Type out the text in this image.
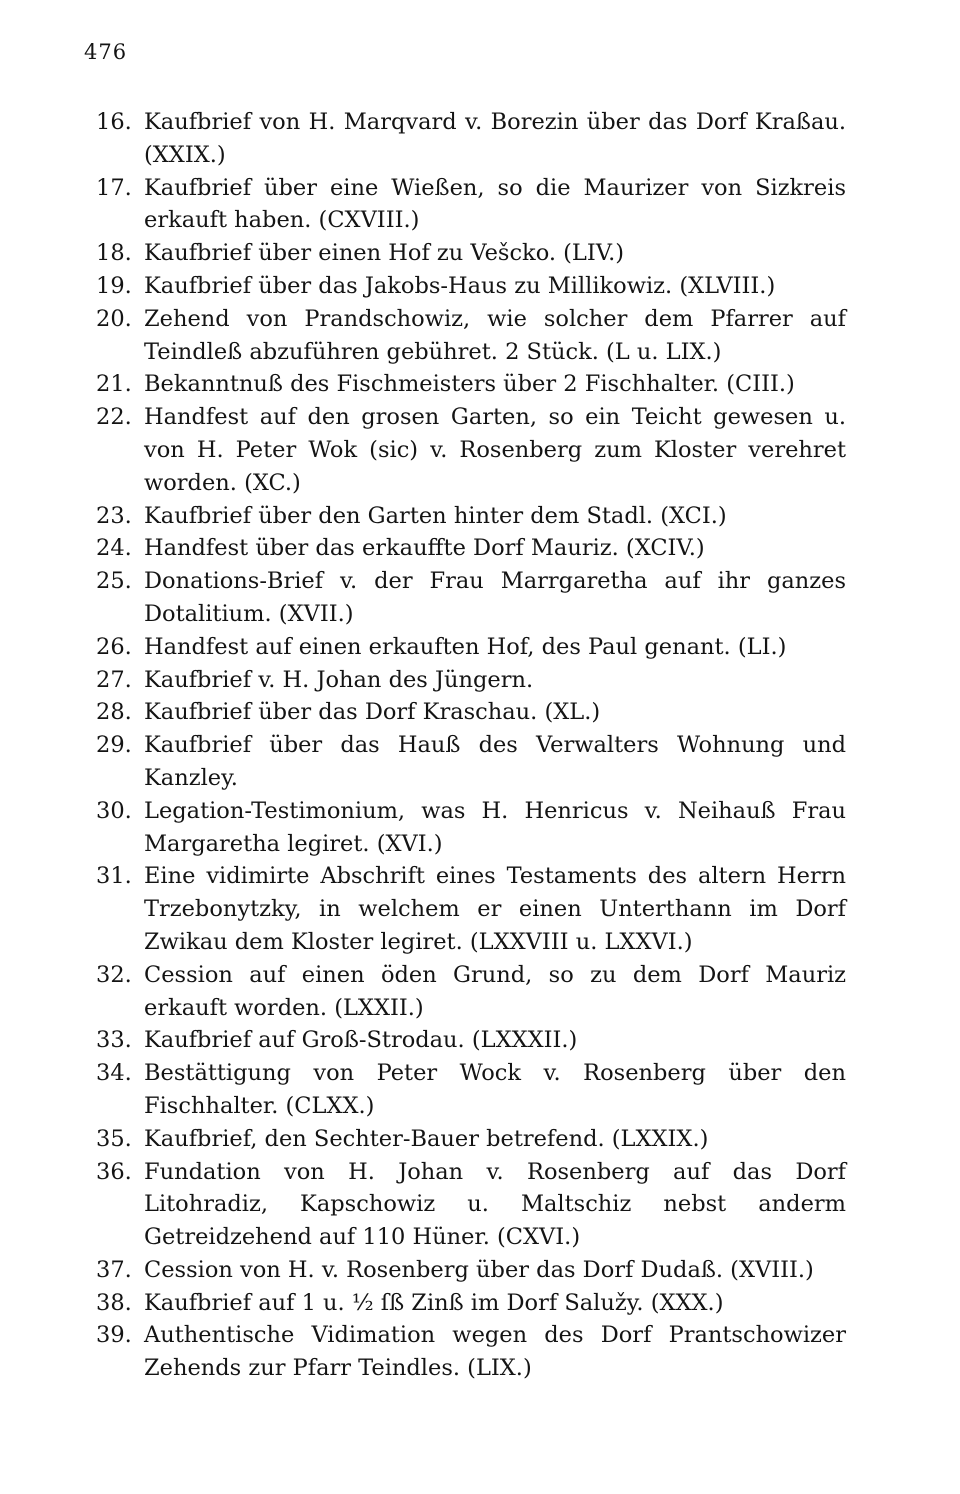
476
16. Kaufbrief von H. Marqvard v. Borezin über das Dorf Kraßau. (XXIX.)
17. Kaufbrief über eine Wießen, so die Maurizer von Sizkreis erkauft haben. (CXVIII.)
18. Kaufbrief über einen Hof zu Vešcko. (LIV.)
19. Kaufbrief über das Jakobs-Haus zu Millikowiz. (XLVIII.)
20. Zehend von Prandschowiz, wie solcher dem Pfarrer auf Teindleß abzuführen gebühret. 2 Stück. (L u. LIX.)
21. Bekanntnuß des Fischmeisters über 2 Fischhalter. (CIII.)
22. Handfest auf den grosen Garten, so ein Teicht gewesen u. von H. Peter Wok (sic) v. Rosenberg zum Kloster verehret worden. (XC.)
23. Kaufbrief über den Garten hinter dem Stadl. (XCI.)
24. Handfest über das erkauffte Dorf Mauriz. (XCIV.)
25. Donations-Brief v. der Frau Marrgaretha auf ihr ganzes Dotalitium. (XVII.)
26. Handfest auf einen erkauften Hof, des Paul genant. (LI.)
27. Kaufbrief v. H. Johan des Jüngern.
28. Kaufbrief über das Dorf Kraschau. (XL.)
29. Kaufbrief über das Hauß des Verwalters Wohnung und Kanzley.
30. Legation-Testimonium, was H. Henricus v. Neihauß Frau Margaretha legiret. (XVI.)
31. Eine vidimirte Abschrift eines Testaments des altern Herrn Trzebonytzky, in welchem er einen Unterthann im Dorf Zwikau dem Kloster legiret. (LXXVIII u. LXXVI.)
32. Cession auf einen öden Grund, so zu dem Dorf Mauriz erkauft worden. (LXXII.)
33. Kaufbrief auf Groß-Strodau. (LXXXII.)
34. Bestättigung von Peter Wock v. Rosenberg über den Fischhalter. (CLXX.)
35. Kaufbrief, den Sechter-Bauer betrefend. (LXXIX.)
36. Fundation von H. Johan v. Rosenberg auf das Dorf Litohradiz, Kapschowiz u. Maltschiz nebst anderm Getreidzehend auf 110 Hüner. (CXVI.)
37. Cession von H. v. Rosenberg über das Dorf Dudaß. (XVIII.)
38. Kaufbrief auf 1 u. ½ ſß Zinß im Dorf Salužy. (XXX.)
39. Authentische Vidimation wegen des Dorf Prantschowizer Zehends zur Pfarr Teindles. (LIX.)
